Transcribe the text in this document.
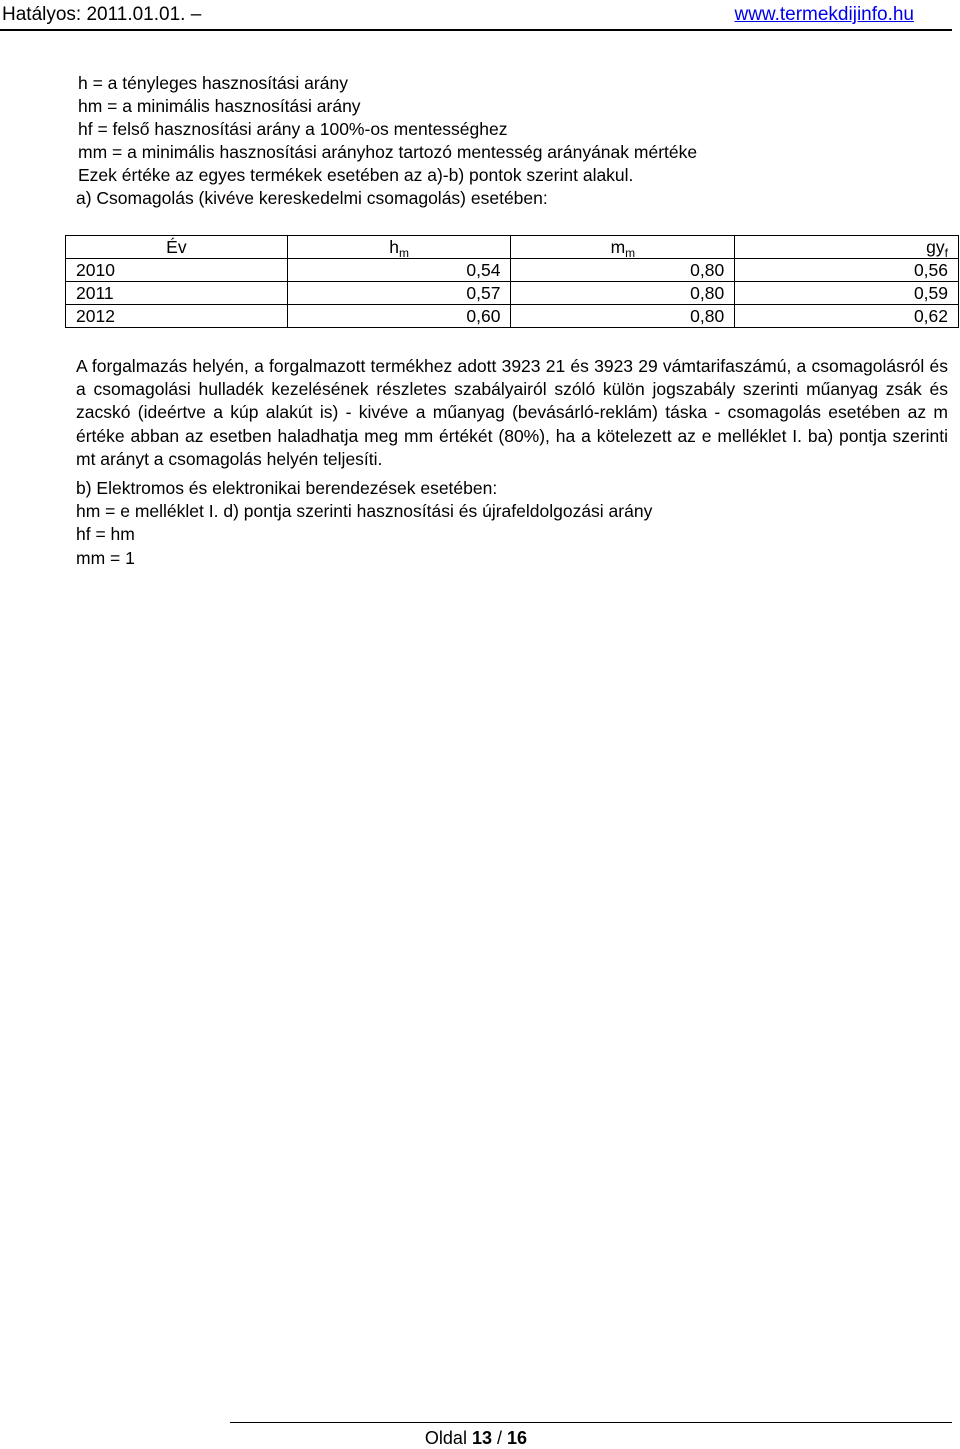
Hatályos: 2011.01.01. –	www.termekdijinfo.hu
h = a tényleges hasznosítási arány
hm = a minimális hasznosítási arány
hf = felső hasznosítási arány a 100%-os mentességhez
mm = a minimális hasznosítási arányhoz tartozó mentesség arányának mértéke
Ezek értéke az egyes termékek esetében az a)-b) pontok szerint alakul.
a) Csomagolás (kivéve kereskedelmi csomagolás) esetében:
Év	$h_m$	$m_m$	$gy_f$
2010	0,54	0,80	0,56
2011	0,57	0,80	0,59
2012	0,60	0,80	0,62

A forgalmazás helyén, a forgalmazott termékhez adott 3923 21 és 3923 29 vámtarifaszámú, a csomagolásról és a csomagolási hulladék kezelésének részletes szabályairól szóló külön jogszabály szerinti műanyag zsák és zacskó (ideértve a kúp alakút is) - kivéve a műanyag (bevásárló-reklám) táska - csomagolás esetében az m értéke abban az esetben haladhatja meg mm értékét (80%), ha a kötelezett az e melléklet I. ba) pontja szerinti mt arányt a csomagolás helyén teljesíti.

b) Elektromos és elektronikai berendezések esetében:
hm = e melléklet I. d) pontja szerinti hasznosítási és újrafeldolgozási arány
hf = hm
mm = 1
Oldal 13 / 16
